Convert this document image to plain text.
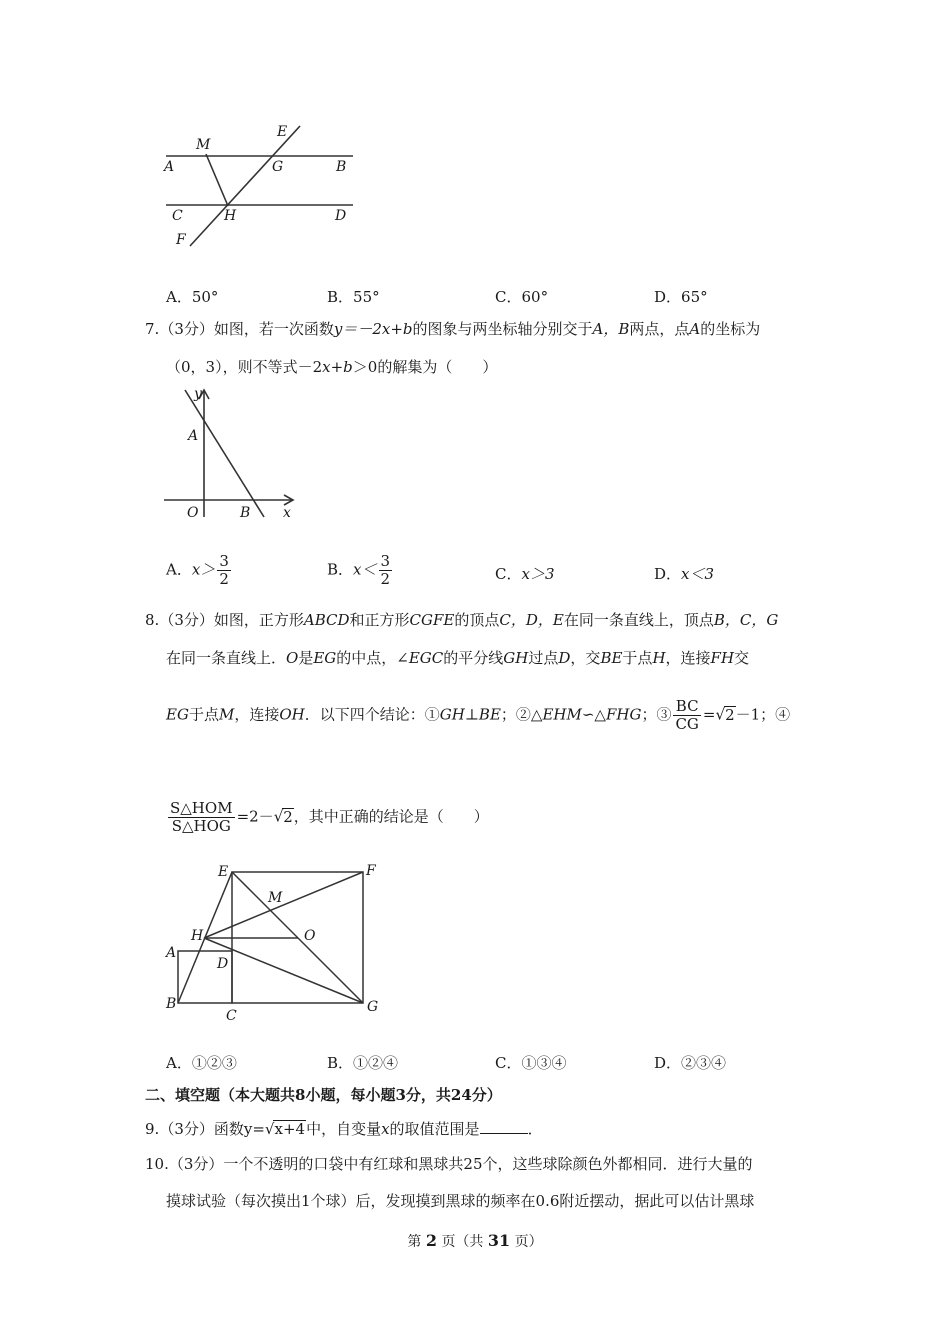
M
E
A	G	B
C	H	D
F
A．50°	B．55°	C．60°	D．65°
7.（3分）如图，若一次函数y＝－2x+b的图象与两坐标轴分别交于A，B两点，点A的坐标为
（0，3），则不等式－2x+b＞0的解集为（　　）
y
A
O	B x
A．$x> \frac{3}{2}$	B．$x< \frac{3}{2}$	C．x＞3	D．x＜3
8.（3分）如图，正方形ABCD和正方形CGFE的顶点C，D，E在同一条直线上，顶点B，C，G
在同一条直线上．O是EG的中点，∠EGC的平分线GH过点D，交BE于点H，连接FH交
EG于点M，连接OH．以下四个结论：①GH⊥BE；②△EHM∽△FHG；③ $\frac{BC}{CG} =√2-1$；④
$\frac{\text{S△HOM}}{\text{S△HOG}} =2-√2$，其中正确的结论是（　　）
E	F
M
H	O
A
D
B
C
G
A．①②③	B．①②④	C．①③④	D．②③④
二、填空题（本大题共8小题，每小题3分，共24分）
9.（3分）函数y=√x+4中，自变量x的取值范围是	．
10.（3分）一个不透明的口袋中有红球和黑球共25个，这些球除颜色外都相同．进行大量的
摸球试验（每次摸出1个球）后，发现摸到黑球的频率在0.6附近摆动，据此可以估计黑球
第 2 页（共 31 页）
